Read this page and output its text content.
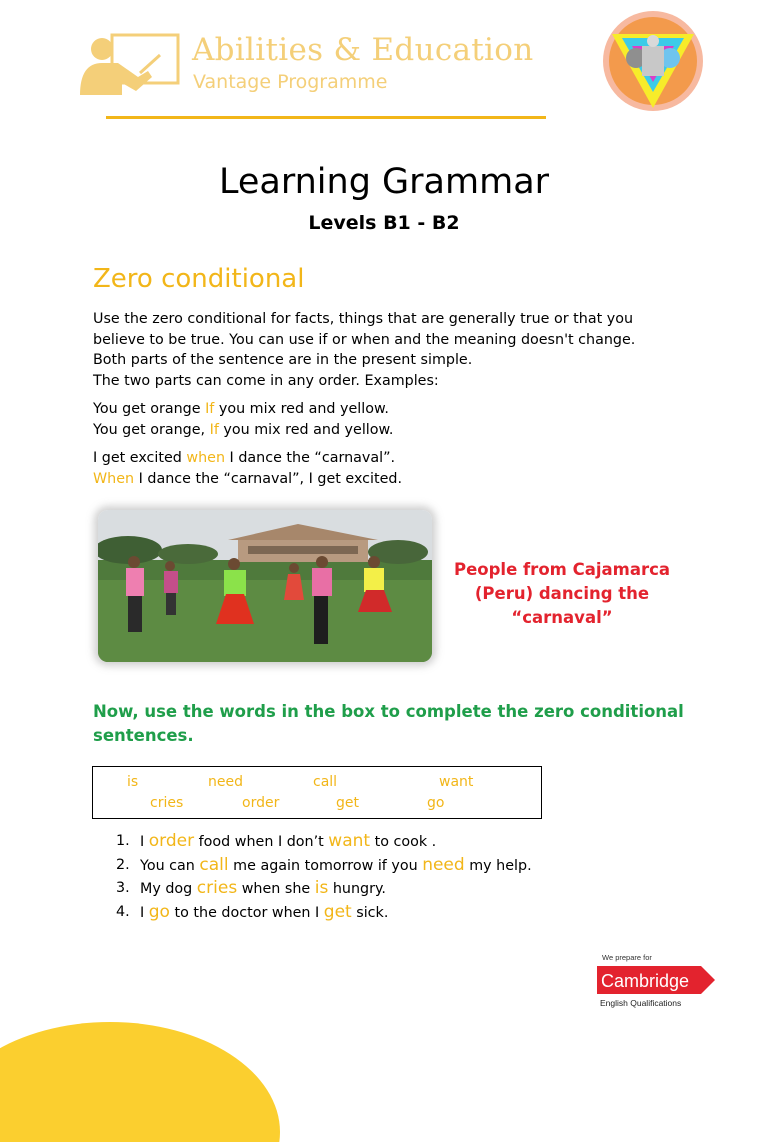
Abilities & Education
Vantage Programme
Learning Grammar
Levels B1 - B2
Zero conditional
Use the zero conditional for facts, things that are generally true or that you
believe to be true. You can use if or when and the meaning doesn't change.
Both parts of the sentence are in the present simple.
The two parts can come in any order. Examples:
You get orange If you mix red and yellow.
You get orange, If you mix red and yellow.
I get excited when I dance the “carnaval”.
When I dance the “carnaval”, I get excited.
People from Cajamarca (Peru) dancing the “carnaval”
Now, use the words in the box to complete the zero conditional sentences.
is	need	call	want
cries	order	get	go
1. I order food when I don’t want to cook .
2. You can call me again tomorrow if you need my help.
3. My dog cries when she is hungry.
4. I go to the doctor when I get sick.
We prepare for
Cambridge
English Qualifications
